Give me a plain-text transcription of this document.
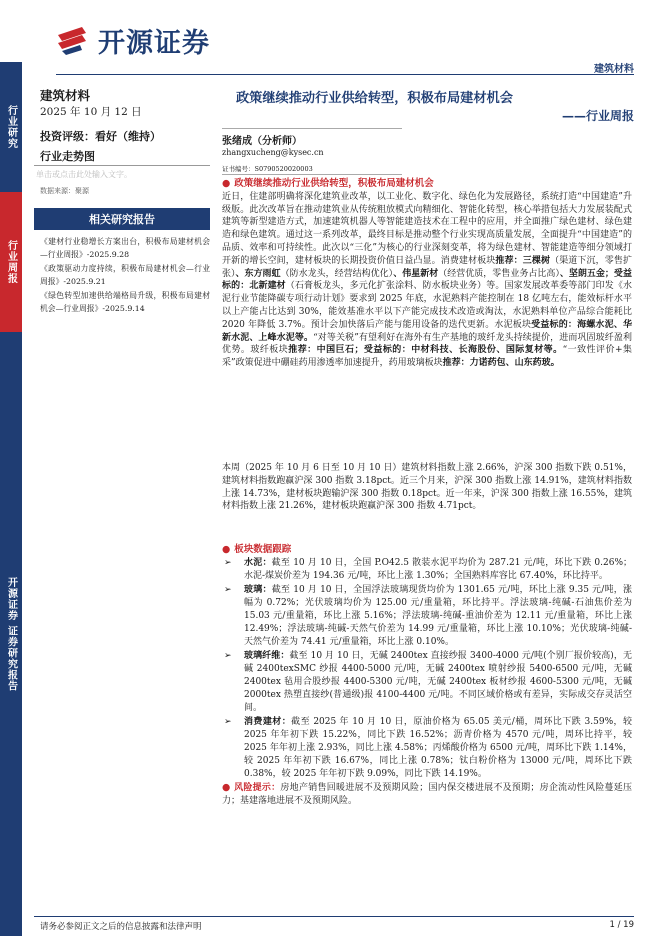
开源证券
建筑材料
行业研究
行业周报
开源证券 证券研究报告
建筑材料
2025 年 10 月 12 日
投资评级：看好（维持）
行业走势图
单击或点击此处输入文字。
数据来源：聚源
相关研究报告
《建材行业稳增长方案出台，积极布局建材机会—行业周报》-2025.9.28
《政策驱动力度持续，积极布局建材机会—行业周报》-2025.9.21
《绿色转型加速供给端格局升级，积极布局建材机会—行业周报》-2025.9.14
政策继续推动行业供给转型，积极布局建材机会
——行业周报
张绪成（分析师）
zhangxucheng@kysec.cn
证书编号：S0790520020003
● 政策继续推动行业供给转型，积极布局建材机会

近日，住建部明确将深化建筑业改革，以工业化、数字化、绿色化为发展路径，系统打造“中国建造”升级版。此次改革旨在推动建筑业从传统粗放模式向精细化、智能化转型，核心举措包括大力发展装配式建筑等新型建造方式，加速建筑机器人等智能建造技术在工程中的应用，并全面推广绿色建材、绿色建造和绿色建筑。通过这一系列改革，最终目标是推动整个行业实现高质量发展，全面提升“中国建造”的品质、效率和可持续性。此次以“三化”为核心的行业深刻变革，将为绿色建材、智能建造等细分领域打开新的增长空间，建材板块的长期投资价值日益凸显。消费建材板块推荐：三棵树（渠道下沉，零售扩张）、东方雨虹（防水龙头，经营结构优化）、伟星新材（经营优质，零售业务占比高）、坚朗五金；受益标的：北新建材（石膏板龙头，多元化扩张涂料、防水板块业务）等。国家发展改革委等部门印发《水泥行业节能降碳专项行动计划》要求到 2025 年底，水泥熟料产能控制在 18 亿吨左右，能效标杆水平以上产能占比达到 30%，能效基准水平以下产能完成技术改造或淘汰，水泥熟料单位产品综合能耗比 2020 年降低 3.7%。预计会加快落后产能与能用设备的迭代更新。水泥板块受益标的：海螺水泥、华新水泥、上峰水泥等。“对等关税”有望利好在海外有生产基地的玻纤龙头持续提价，进而巩固玻纤盈利优势。玻纤板块推荐：中国巨石；受益标的：中材科技、长海股份、国际复材等。“一致性评价+集采”政策促进中硼硅药用渗透率加速提升，药用玻璃板块推荐：力诺药包、山东药玻。

本周（2025 年 10 月 6 日至 10 月 10 日）建筑材料指数上涨 2.66%，沪深 300 指数下跌 0.51%，建筑材料指数跑赢沪深 300 指数 3.18pct。近三个月来，沪深 300 指数上涨 14.91%，建筑材料指数上涨 14.73%，建材板块跑输沪深 300 指数 0.18pct。近一年来，沪深 300 指数上涨 16.55%，建筑材料指数上涨 21.26%，建材板块跑赢沪深 300 指数 4.71pct。

● 板块数据跟踪
➢ 水泥：截至 10 月 10 日，全国 P.O42.5 散装水泥平均价为 287.21 元/吨，环比下跌 0.26%；水泥-煤炭价差为 194.36 元/吨，环比上涨 1.30%；全国熟料库容比 67.40%，环比持平。
➢ 玻璃：截至 10 月 10 日，全国浮法玻璃现货均价为 1301.65 元/吨，环比上涨 9.35 元/吨，涨幅为 0.72%；光伏玻璃均价为 125.00 元/重量箱，环比持平。浮法玻璃-纯碱-石油焦价差为 15.03 元/重量箱，环比上涨 5.16%；浮法玻璃-纯碱-重油价差为 12.11 元/重量箱，环比上涨 12.49%；浮法玻璃-纯碱-天然气价差为 14.99 元/重量箱，环比上涨 10.10%；光伏玻璃-纯碱-天然气价差为 74.41 元/重量箱，环比上涨 0.10%。
➢ 玻璃纤维：截至 10 月 10 日，无碱 2400tex 直接纱报 3400-4000 元/吨(个别厂报价较高)，无碱 2400texSMC 纱报 4400-5000 元/吨，无碱 2400tex 喷射纱报 5400-6500 元/吨，无碱 2400tex 毡用合股纱报 4400-5300 元/吨，无碱 2400tex 板材纱报 4600-5300 元/吨，无碱 2000tex 热塑直接纱(普通级)报 4100-4400 元/吨。不同区域价格或有差异，实际成交存灵活空间。
➢ 消费建材：截至 2025 年 10 月 10 日，原油价格为 65.05 美元/桶，周环比下跌 3.59%，较 2025 年年初下跌 15.22%，同比下跌 16.52%；沥青价格为 4570 元/吨，周环比持平，较 2025 年年初上涨 2.93%，同比上涨 4.58%；丙烯酸价格为 6500 元/吨，周环比下跌 1.14%，较 2025 年年初下跌 16.67%，同比上涨 0.78%；钛白粉价格为 13000 元/吨，周环比下跌 0.38%，较 2025 年年初下跌 9.09%，同比下跌 14.19%。
● 风险提示：房地产销售回暖进展不及预期风险；国内保交楼进展不及预期；房企流动性风险蔓延压力；基建落地进展不及预期风险。
请务必参阅正文之后的信息披露和法律声明	1 / 19
